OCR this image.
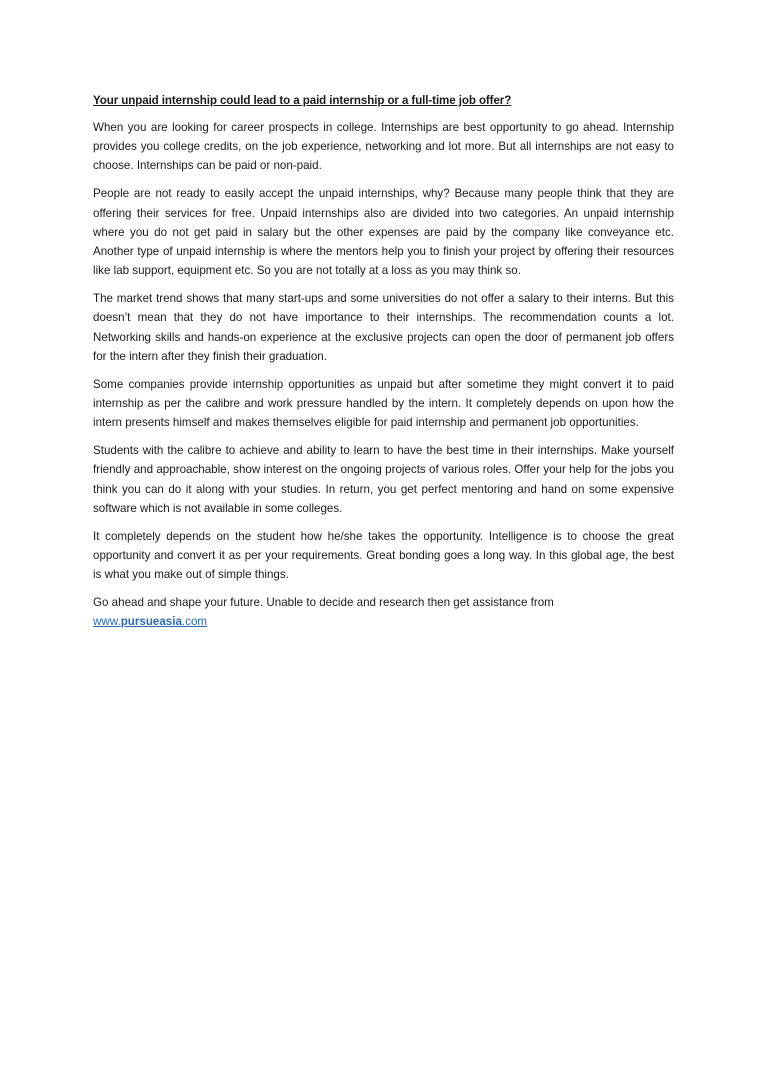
Your unpaid internship could lead to a paid internship or a full-time job offer?
When you are looking for career prospects in college. Internships are best opportunity to go ahead. Internship provides you college credits, on the job experience, networking and lot more. But all internships are not easy to choose. Internships can be paid or non-paid.
People are not ready to easily accept the unpaid internships, why? Because many people think that they are offering their services for free. Unpaid internships also are divided into two categories. An unpaid internship where you do not get paid in salary but the other expenses are paid by the company like conveyance etc. Another type of unpaid internship is where the mentors help you to finish your project by offering their resources like lab support, equipment etc. So you are not totally at a loss as you may think so.
The market trend shows that many start-ups and some universities do not offer a salary to their interns. But this doesn’t mean that they do not have importance to their internships. The recommendation counts a lot. Networking skills and hands-on experience at the exclusive projects can open the door of permanent job offers for the intern after they finish their graduation.
Some companies provide internship opportunities as unpaid but after sometime they might convert it to paid internship as per the calibre and work pressure handled by the intern. It completely depends on upon how the intern presents himself and makes themselves eligible for paid internship and permanent job opportunities.
Students with the calibre to achieve and ability to learn to have the best time in their internships. Make yourself friendly and approachable, show interest on the ongoing projects of various roles. Offer your help for the jobs you think you can do it along with your studies. In return, you get perfect mentoring and hand on some expensive software which is not available in some colleges.
It completely depends on the student how he/she takes the opportunity. Intelligence is to choose the great opportunity and convert it as per your requirements. Great bonding goes a long way. In this global age, the best is what you make out of simple things.
Go ahead and shape your future. Unable to decide and research then get assistance from
www.pursueasia.com
